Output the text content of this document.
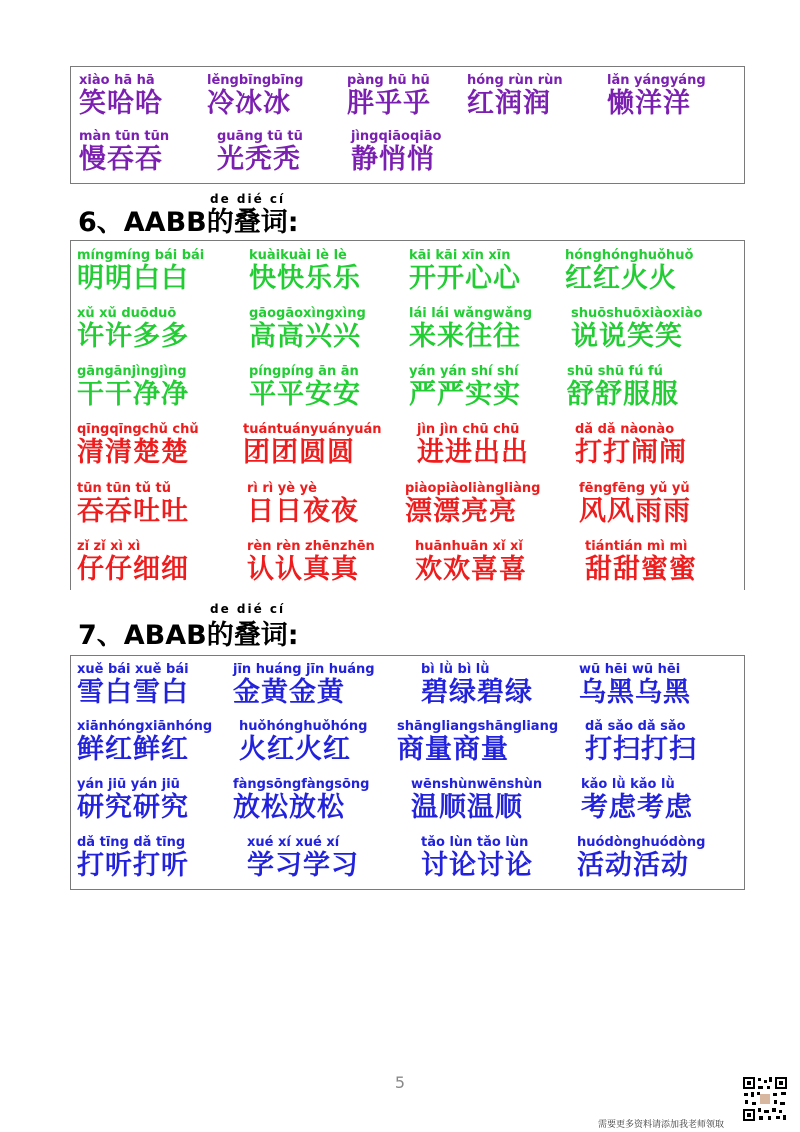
xiào hā hā
笑哈哈
lěngbīngbīng
冷冰冰
pàng hū hū
胖乎乎
hóng rùn rùn
红润润
lǎn yángyáng
懒洋洋
màn tūn tūn
慢吞吞
guāng tū tū
光秃秃
jìngqiāoqiāo
静悄悄
de dié cí
6、AABB的叠词:
míngmíng bái bái
明明白白
kuàikuài lè lè
快快乐乐
kāi kāi xīn xīn
开开心心
hónghónghuǒhuǒ
红红火火
xǔ xǔ duōduō
许许多多
gāogāoxìngxìng
高高兴兴
lái lái wǎngwǎng
来来往往
shuōshuōxiàoxiào
说说笑笑
gāngānjìngjìng
干干净净
píngpíng ān ān
平平安安
yán yán shí shí
严严实实
shū shū fú fú
舒舒服服
qīngqīngchǔ chǔ
清清楚楚
tuántuányuányuán
团团圆圆
jìn jìn chū chū
进进出出
dǎ dǎ nàonào
打打闹闹
tūn tūn tǔ tǔ
吞吞吐吐
rì rì yè yè
日日夜夜
piàopiàoliàngliàng
漂漂亮亮
fēngfēng yǔ yǔ
风风雨雨
zǐ zǐ xì xì
仔仔细细
rèn rèn zhēnzhēn
认认真真
huānhuān xǐ xǐ
欢欢喜喜
tiántián mì mì
甜甜蜜蜜
de dié cí
7、ABAB的叠词:
xuě bái xuě bái
雪白雪白
jīn huáng jīn huáng
金黄金黄
bì lǜ bì lǜ
碧绿碧绿
wū hēi wū hēi
乌黑乌黑
xiānhóngxiānhóng
鲜红鲜红
huǒhónghuǒhóng
火红火红
shāngliangshāngliang
商量商量
dǎ sǎo dǎ sǎo
打扫打扫
yán jiū yán jiū
研究研究
fàngsōngfàngsōng
放松放松
wēnshùnwēnshùn
温顺温顺
kǎo lǜ kǎo lǜ
考虑考虑
dǎ tīng dǎ tīng
打听打听
xué xí xué xí
学习学习
tǎo lùn tǎo lùn
讨论讨论
huódònghuódòng
活动活动
5
需要更多资料请添加我老师领取
